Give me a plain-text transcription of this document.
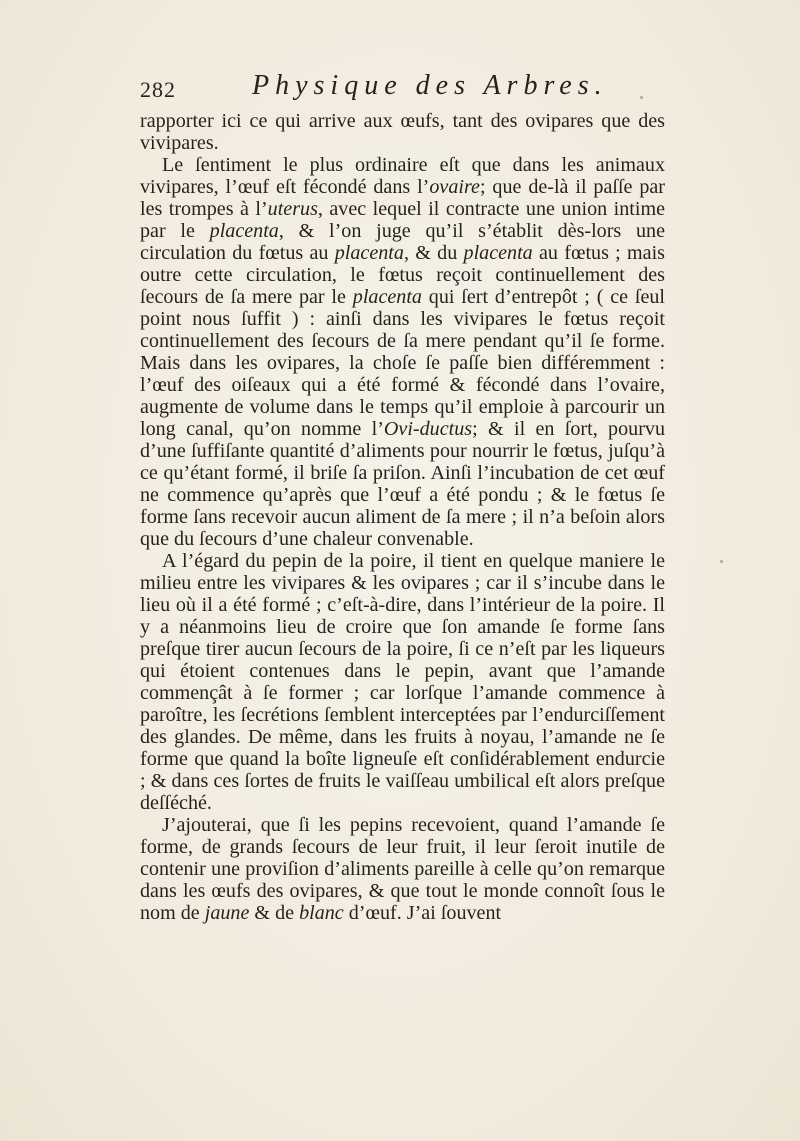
282	Physique des Arbres.

rapporter ici ce qui arrive aux œufs, tant des ovipares que des vivipares.

Le ſentiment le plus ordinaire eſt que dans les animaux vivipares, l’œuf eſt fécondé dans l’ovaire; que de-là il paſſe par les trompes à l’uterus, avec lequel il contracte une union intime par le placenta, & l’on juge qu’il s’établit dès-lors une circulation du fœtus au placenta, & du placenta au fœtus ; mais outre cette circulation, le fœtus reçoit continuellement des ſecours de ſa mere par le placenta qui ſert d’entrepôt ; ( ce ſeul point nous ſuffit ) : ainſi dans les vivipares le fœtus reçoit continuellement des ſecours de ſa mere pendant qu’il ſe forme. Mais dans les ovipares, la choſe ſe paſſe bien différemment : l’œuf des oiſeaux qui a été formé & fécondé dans l’ovaire, augmente de volume dans le temps qu’il emploie à parcourir un long canal, qu’on nomme l’Ovi-ductus; & il en ſort, pourvu d’une ſuffiſante quantité d’aliments pour nourrir le fœtus, juſqu’à ce qu’étant formé, il briſe ſa priſon. Ainſi l’incubation de cet œuf ne commence qu’après que l’œuf a été pondu ; & le fœtus ſe forme ſans recevoir aucun aliment de ſa mere ; il n’a beſoin alors que du ſecours d’une chaleur convenable.

A l’égard du pepin de la poire, il tient en quelque maniere le milieu entre les vivipares & les ovipares ; car il s’incube dans le lieu où il a été formé ; c’eſt-à-dire, dans l’intérieur de la poire. Il y a néanmoins lieu de croire que ſon amande ſe forme ſans preſque tirer aucun ſecours de la poire, ſi ce n’eſt par les liqueurs qui étoient contenues dans le pepin, avant que l’amande commençât à ſe former ; car lorſque l’amande commence à paroître, les ſecrétions ſemblent interceptées par l’endurciſſement des glandes. De même, dans les fruits à noyau, l’amande ne ſe forme que quand la boîte ligneuſe eſt conſidérablement endurcie ; & dans ces ſortes de fruits le vaiſſeau umbilical eſt alors preſque deſſéché.

J’ajouterai, que ſi les pepins recevoient, quand l’amande ſe forme, de grands ſecours de leur fruit, il leur ſeroit inutile de contenir une proviſion d’aliments pareille à celle qu’on remarque dans les œufs des ovipares, & que tout le monde connoît ſous le nom de jaune & de blanc d’œuf. J’ai ſouvent
